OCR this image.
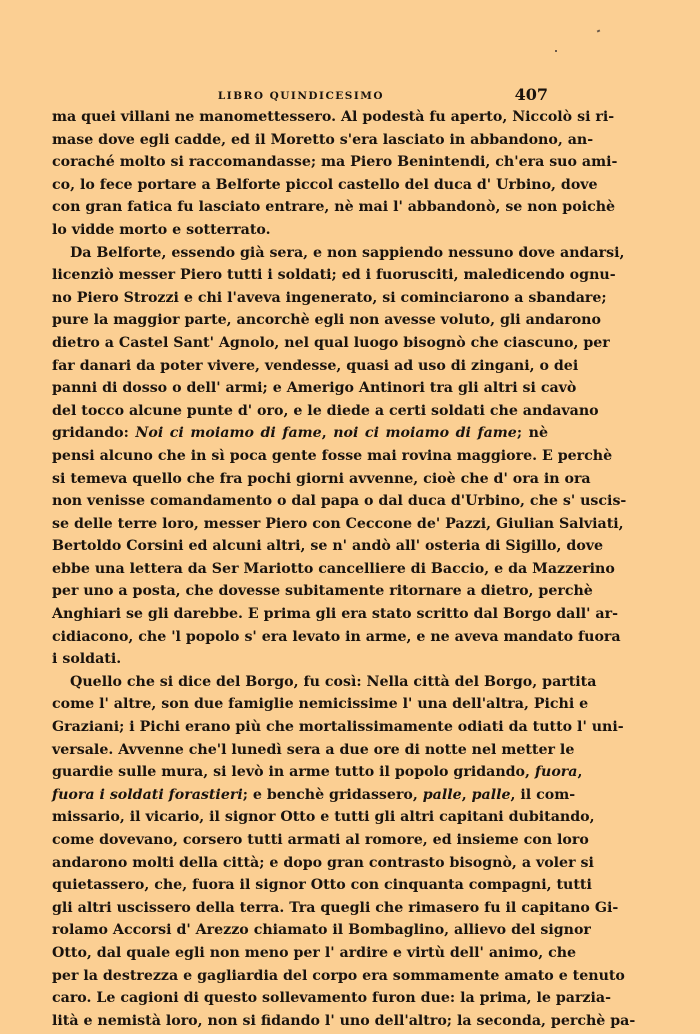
LIBRO QUINDICESIMO	407
ma quei villani ne manomettessero. Al podestà fu aperto, Niccolò si ri-
mase dove egli cadde, ed il Moretto s'era lasciato in abbandono, an-
coraché molto si raccomandasse; ma Piero Benintendi, ch'era suo ami-
co, lo fece portare a Belforte piccol castello del duca d' Urbino, dove
con gran fatica fu lasciato entrare, nè mai l' abbandonò, se non poichè
lo vidde morto e sotterrato.
Da Belforte, essendo già sera, e non sappiendo nessuno dove andarsi,
licenziò messer Piero tutti i soldati; ed i fuorusciti, maledicendo ognu-
no Piero Strozzi e chi l'aveva ingenerato, si cominciarono a sbandare;
pure la maggior parte, ancorchè egli non avesse voluto, gli andarono
dietro a Castel Sant' Agnolo, nel qual luogo bisognò che ciascuno, per
far danari da poter vivere, vendesse, quasi ad uso di zingani, o dei
panni di dosso o dell' armi; e Amerigo Antinori tra gli altri si cavò
del tocco alcune punte d' oro, e le diede a certi soldati che andavano
gridando: Noi ci moiamo di fame, noi ci moiamo di fame; nè
pensi alcuno che in sì poca gente fosse mai rovina maggiore. E perchè
si temeva quello che fra pochi giorni avvenne, cioè che d' ora in ora
non venisse comandamento o dal papa o dal duca d'Urbino, che s' uscis-
se delle terre loro, messer Piero con Ceccone de' Pazzi, Giulian Salviati,
Bertoldo Corsini ed alcuni altri, se n' andò all' osteria di Sigillo, dove
ebbe una lettera da Ser Mariotto cancelliere di Baccio, e da Mazzerino
per uno a posta, che dovesse subitamente ritornare a dietro, perchè
Anghiari se gli darebbe. E prima gli era stato scritto dal Borgo dall' ar-
cidiacono, che 'l popolo s' era levato in arme, e ne aveva mandato fuora
i soldati.
Quello che si dice del Borgo, fu così: Nella città del Borgo, partita
come l' altre, son due famiglie nemicissime l' una dell'altra, Pichi e
Graziani; i Pichi erano più che mortalissimamente odiati da tutto l' uni-
versale. Avvenne che'l lunedì sera a due ore di notte nel metter le
guardie sulle mura, si levò in arme tutto il popolo gridando, fuora,
fuora i soldati forastieri; e benchè gridassero, palle, palle, il com-
missario, il vicario, il signor Otto e tutti gli altri capitani dubitando,
come dovevano, corsero tutti armati al romore, ed insieme con loro
andarono molti della città; e dopo gran contrasto bisognò, a voler si
quietassero, che, fuora il signor Otto con cinquanta compagni, tutti
gli altri uscissero della terra. Tra quegli che rimasero fu il capitano Gi-
rolamo Accorsi d' Arezzo chiamato il Bombaglino, allievo del signor
Otto, dal quale egli non meno per l' ardire e virtù dell' animo, che
per la destrezza e gagliardia del corpo era sommamente amato e tenuto
caro. Le cagioni di questo sollevamento furon due: la prima, le parzia-
lità e nemistà loro, non si fidando l' uno dell'altro; la seconda, perchè pa-
